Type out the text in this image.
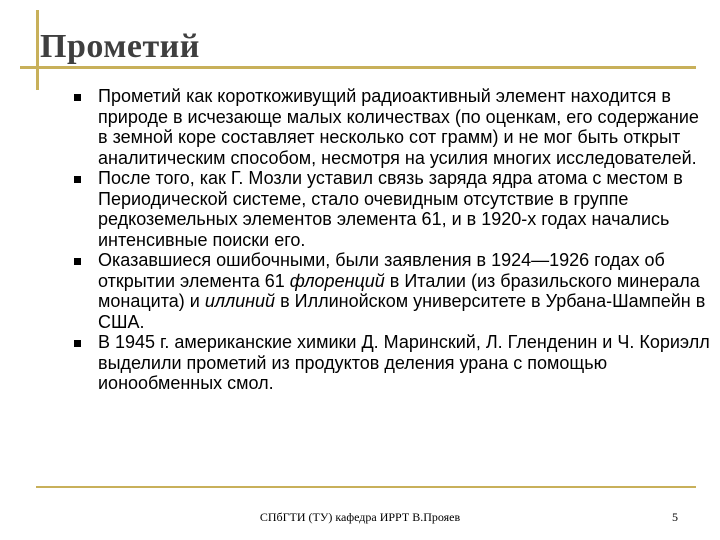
Прометий
Прометий как короткоживущий радиоактивный элемент находится в природе в исчезающе малых количествах (по оценкам, его содержание в земной коре составляет несколько сот грамм) и не мог быть открыт аналитическим способом, несмотря на усилия многих исследователей.
После того, как Г. Мозли уставил связь заряда ядра атома с местом в Периодической системе, стало очевидным отсутствие в группе редкоземельных элементов элемента 61, и в 1920-х годах начались интенсивные поиски его.
Оказавшиеся ошибочными, были заявления в 1924—1926 годах об открытии элемента 61 флоренций в Италии (из бразильского минерала монацита) и иллиний в Иллинойском университете в Урбана-Шампейн в США.
В 1945 г. американские химики Д. Маринский, Л. Гленденин и Ч. Кориэлл выделили прометий из продуктов деления урана с помощью ионообменных смол.
СПбГТИ (ТУ) кафедра ИРРТ В.Прояев	5
